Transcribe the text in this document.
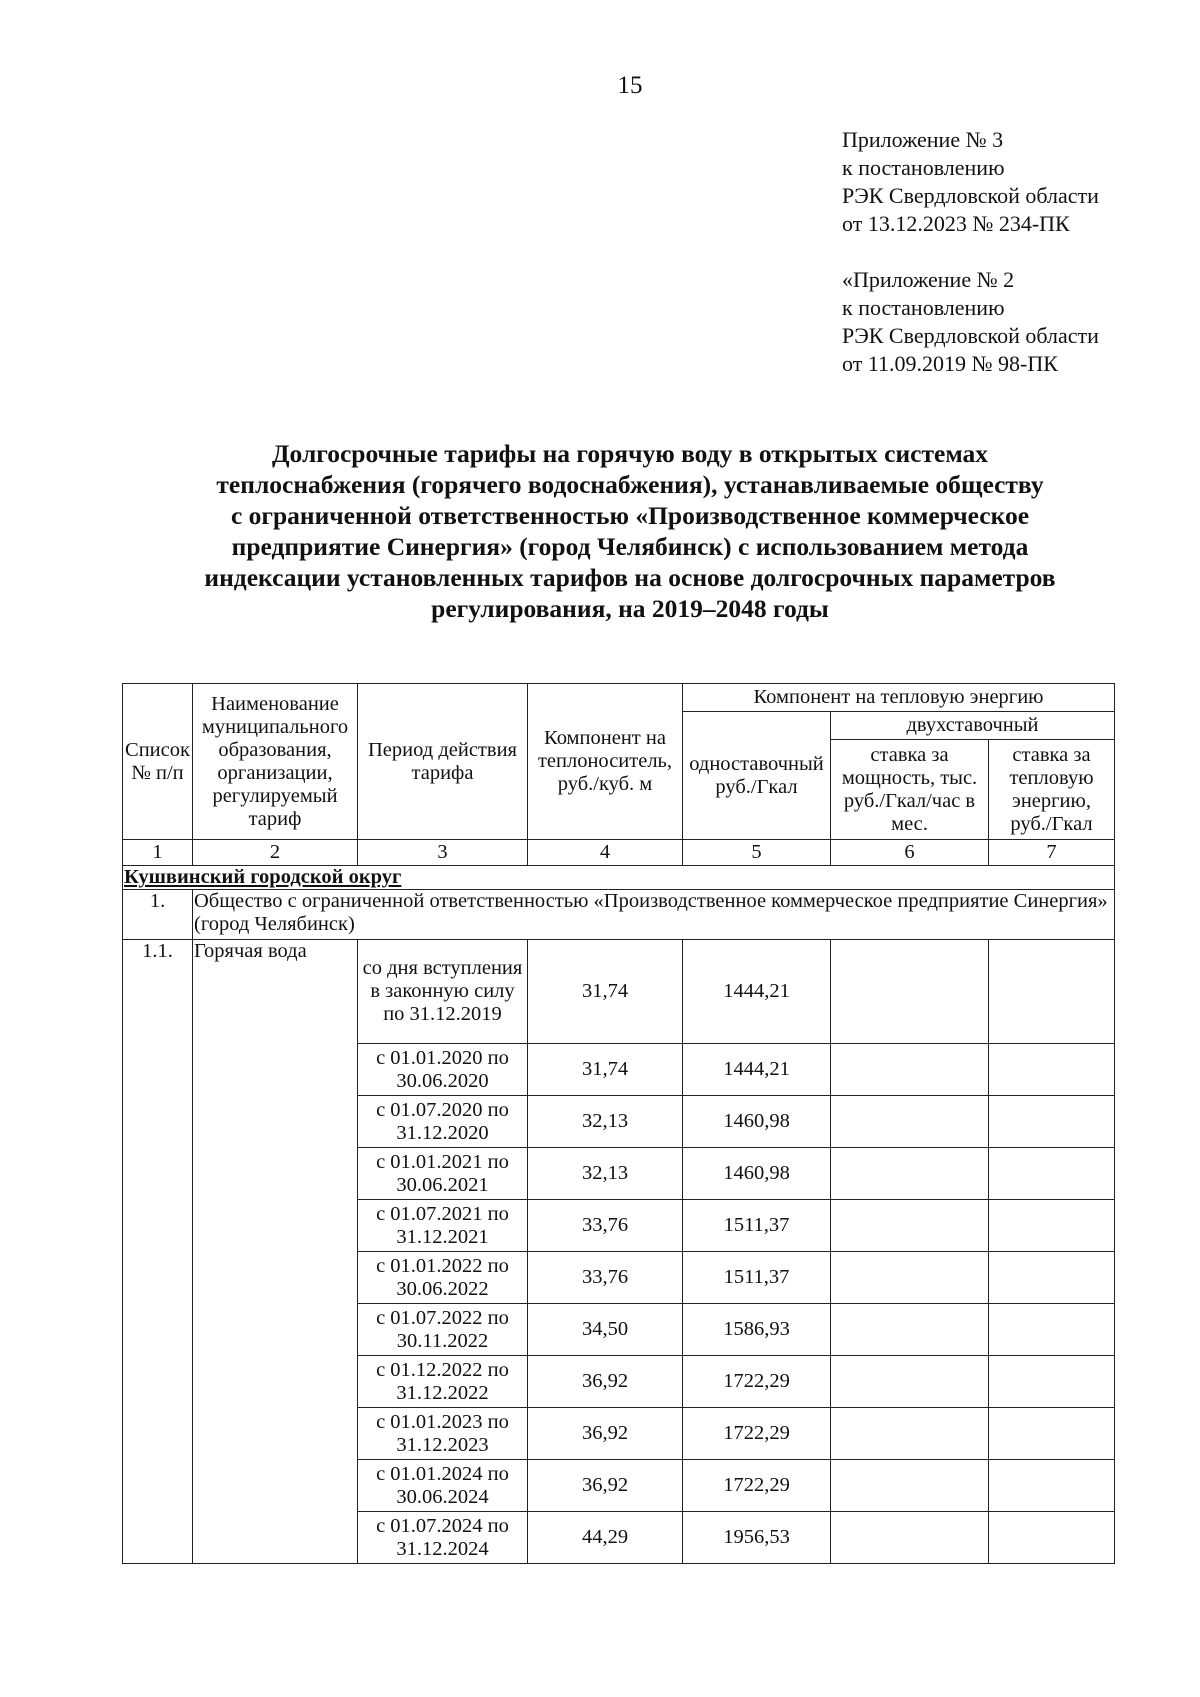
15
Приложение № 3
к постановлению
РЭК Свердловской области
от 13.12.2023 № 234-ПК
«Приложение № 2
к постановлению
РЭК Свердловской области
от 11.09.2019 № 98-ПК
Долгосрочные тарифы на горячую воду в открытых системах
теплоснабжения (горячего водоснабжения), устанавливаемые обществу
с ограниченной ответственностью «Производственное коммерческое
предприятие Синергия» (город Челябинск) с использованием метода
индексации установленных тарифов на основе долгосрочных параметров
регулирования, на 2019–2048 годы
Список № п/п	Наименование муниципального образования, организации, регулируемый тариф	Период действия тарифа	Компонент на теплоноситель, руб./куб. м	Компонент на тепловую энергию		
				одноставочный руб./Гкал	двухставочный	
					ставка за мощность, тыс. руб./Гкал/час в мес.	ставка за тепловую энергию, руб./Гкал
1	2	3	4	5	6	7
Кушвинский городской округ						
1.	Общество с ограниченной ответственностью «Производственное коммерческое предприятие Синергия» (город Челябинск)					
1.1.	Горячая вода	со дня вступления в законную силу по 31.12.2019	31,74	1444,21		
		с 01.01.2020 по 30.06.2020	31,74	1444,21		
		с 01.07.2020 по 31.12.2020	32,13	1460,98		
		с 01.01.2021 по 30.06.2021	32,13	1460,98		
		с 01.07.2021 по 31.12.2021	33,76	1511,37		
		с 01.01.2022 по 30.06.2022	33,76	1511,37		
		с 01.07.2022 по 30.11.2022	34,50	1586,93		
		с 01.12.2022 по 31.12.2022	36,92	1722,29		
		с 01.01.2023 по 31.12.2023	36,92	1722,29		
		с 01.01.2024 по 30.06.2024	36,92	1722,29		
		с 01.07.2024 по 31.12.2024	44,29	1956,53		
